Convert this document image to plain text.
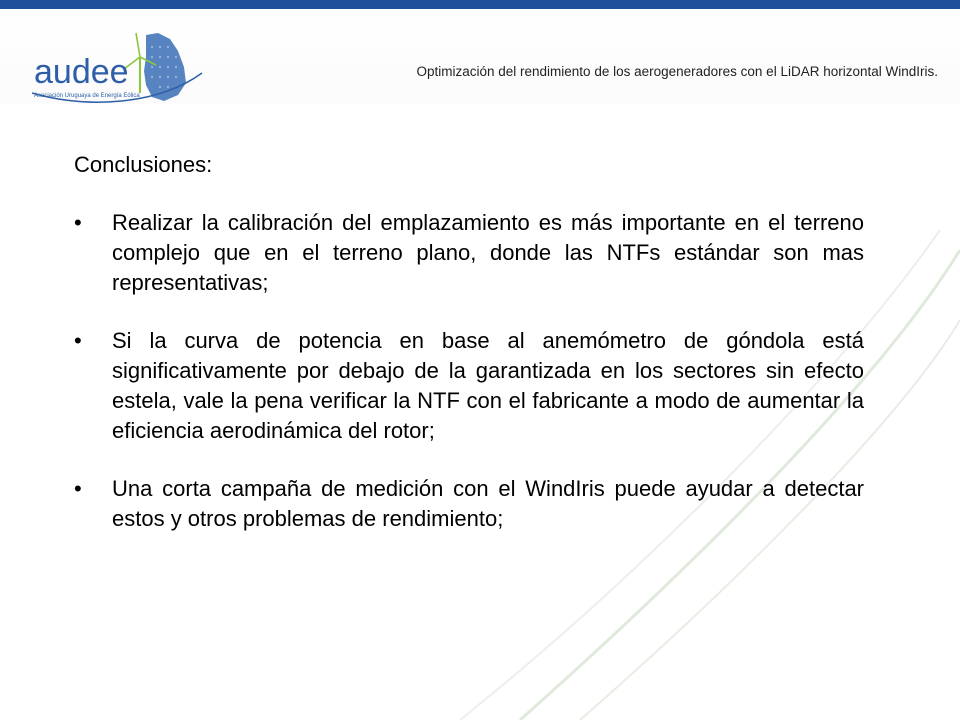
audee
Asociación Uruguaya de Energía Eólica
Optimización del rendimiento de los aerogeneradores con el LiDAR horizontal WindIris.
Conclusiones:
•	Realizar la calibración del emplazamiento es más importante en el terreno complejo que en el terreno plano, donde las NTFs estándar son mas representativas;
•	Si la curva de potencia en base al anemómetro de góndola está significativamente por debajo de la garantizada en los sectores sin efecto estela, vale la pena verificar la NTF con el fabricante a modo de aumentar la eficiencia aerodinámica del rotor;
•	Una corta campaña de medición con el WindIris puede ayudar a detectar estos y otros problemas de rendimiento;
